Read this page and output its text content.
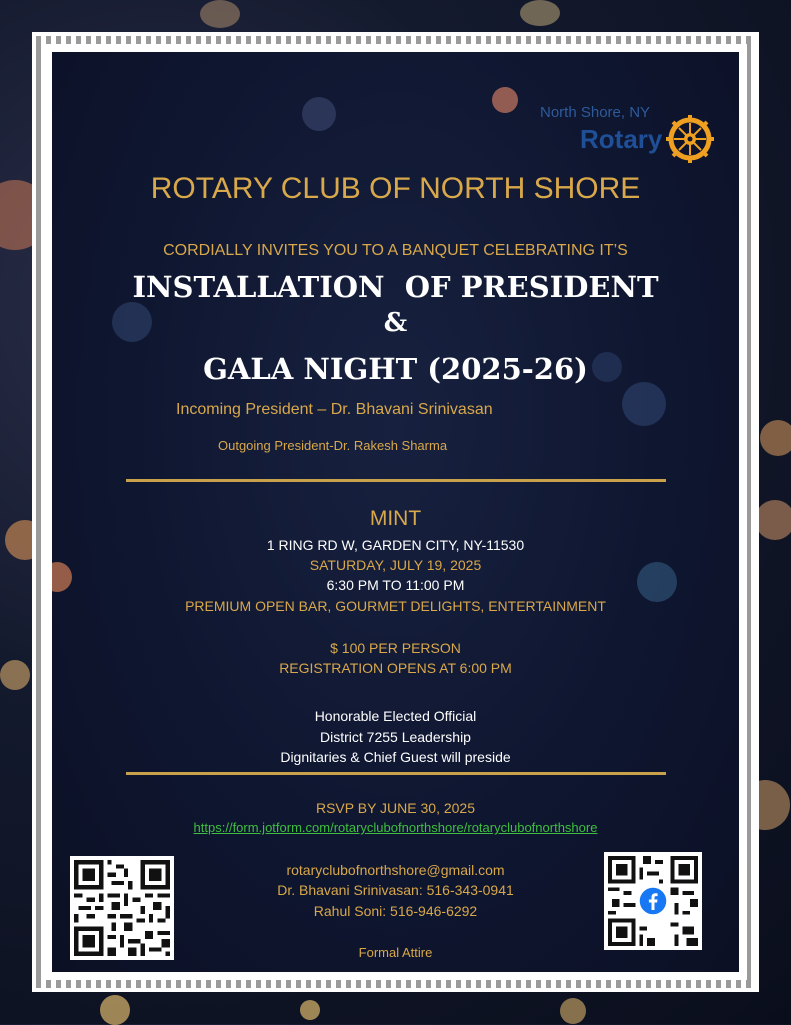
North Shore, NY
Rotary
ROTARY CLUB OF NORTH SHORE
CORDIALLY INVITES YOU TO A BANQUET CELEBRATING IT’S
INSTALLATION  OF PRESIDENT
&
GALA NIGHT (2025-26)
Incoming President – Dr. Bhavani Srinivasan
Outgoing President-Dr. Rakesh Sharma
MINT
1 RING RD W, GARDEN CITY, NY-11530
SATURDAY, JULY 19, 2025
6:30 PM TO 11:00 PM
PREMIUM OPEN BAR, GOURMET DELIGHTS, ENTERTAINMENT
$ 100 PER PERSON
REGISTRATION OPENS AT 6:00 PM
Honorable Elected Official
District 7255 Leadership
Dignitaries & Chief Guest will preside
RSVP BY JUNE 30, 2025
https://form.jotform.com/rotaryclubofnorthshore/rotaryclubofnorthshore
rotaryclubofnorthshore@gmail.com
Dr. Bhavani Srinivasan: 516-343-0941
Rahul Soni: 516-946-6292
Formal Attire
